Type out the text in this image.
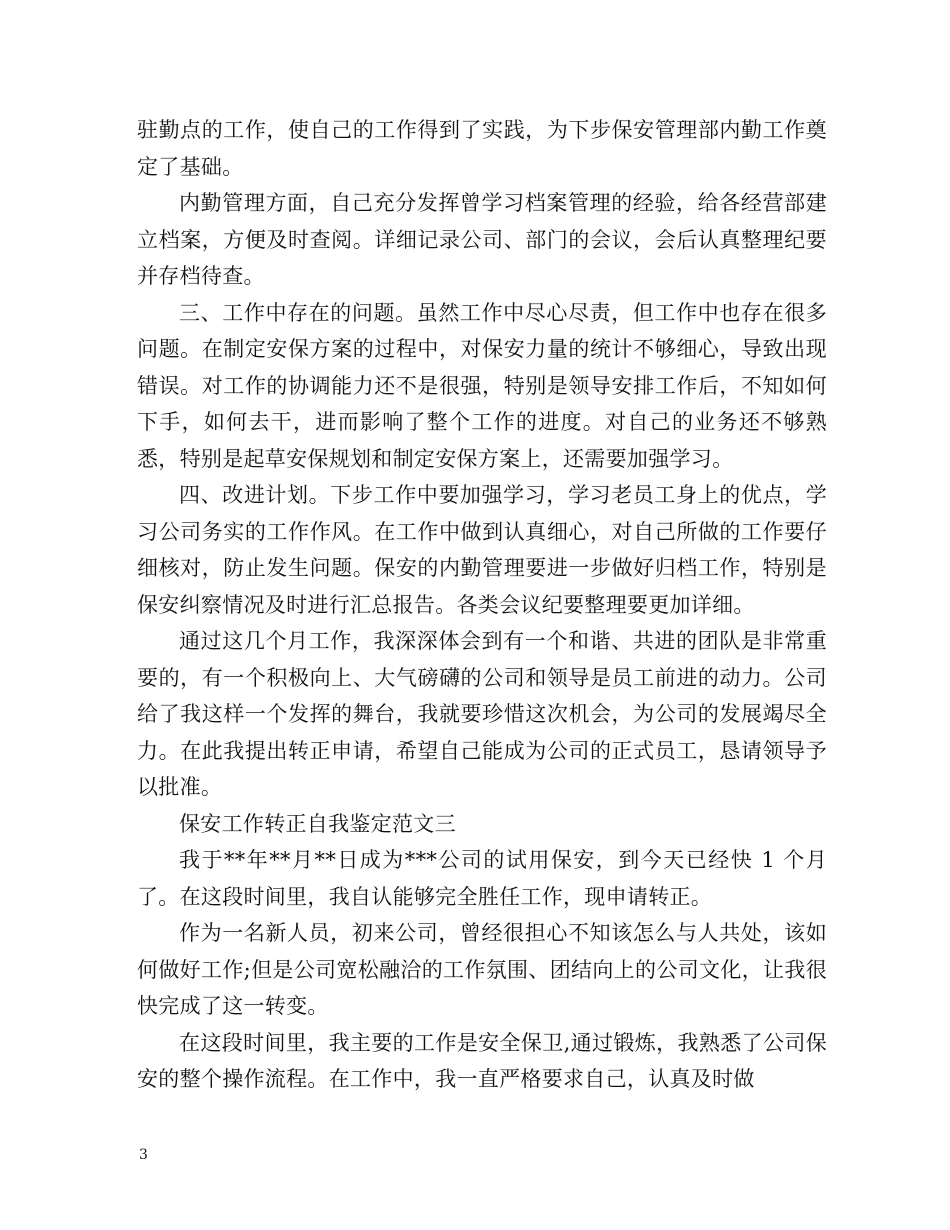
驻勤点的工作，使自己的工作得到了实践，为下步保安管理部内勤工作奠定了基础。

内勤管理方面，自己充分发挥曾学习档案管理的经验，给各经营部建立档案，方便及时查阅。详细记录公司、部门的会议，会后认真整理纪要并存档待查。

三、工作中存在的问题。虽然工作中尽心尽责，但工作中也存在很多问题。在制定安保方案的过程中，对保安力量的统计不够细心，导致出现错误。对工作的协调能力还不是很强，特别是领导安排工作后，不知如何下手，如何去干，进而影响了整个工作的进度。对自己的业务还不够熟悉，特别是起草安保规划和制定安保方案上，还需要加强学习。

四、改进计划。下步工作中要加强学习，学习老员工身上的优点，学习公司务实的工作作风。在工作中做到认真细心，对自己所做的工作要仔细核对，防止发生问题。保安的内勤管理要进一步做好归档工作，特别是保安纠察情况及时进行汇总报告。各类会议纪要整理要更加详细。

通过这几个月工作，我深深体会到有一个和谐、共进的团队是非常重要的，有一个积极向上、大气磅礴的公司和领导是员工前进的动力。公司给了我这样一个发挥的舞台，我就要珍惜这次机会，为公司的发展竭尽全力。在此我提出转正申请，希望自己能成为公司的正式员工，恳请领导予以批准。

保安工作转正自我鉴定范文三

我于**年**月**日成为***公司的试用保安，到今天已经快 1 个月了。在这段时间里，我自认能够完全胜任工作，现申请转正。

作为一名新人员，初来公司，曾经很担心不知该怎么与人共处，该如何做好工作;但是公司宽松融洽的工作氛围、团结向上的公司文化，让我很快完成了这一转变。

在这段时间里，我主要的工作是安全保卫,通过锻炼，我熟悉了公司保安的整个操作流程。在工作中，我一直严格要求自己，认真及时做

3
